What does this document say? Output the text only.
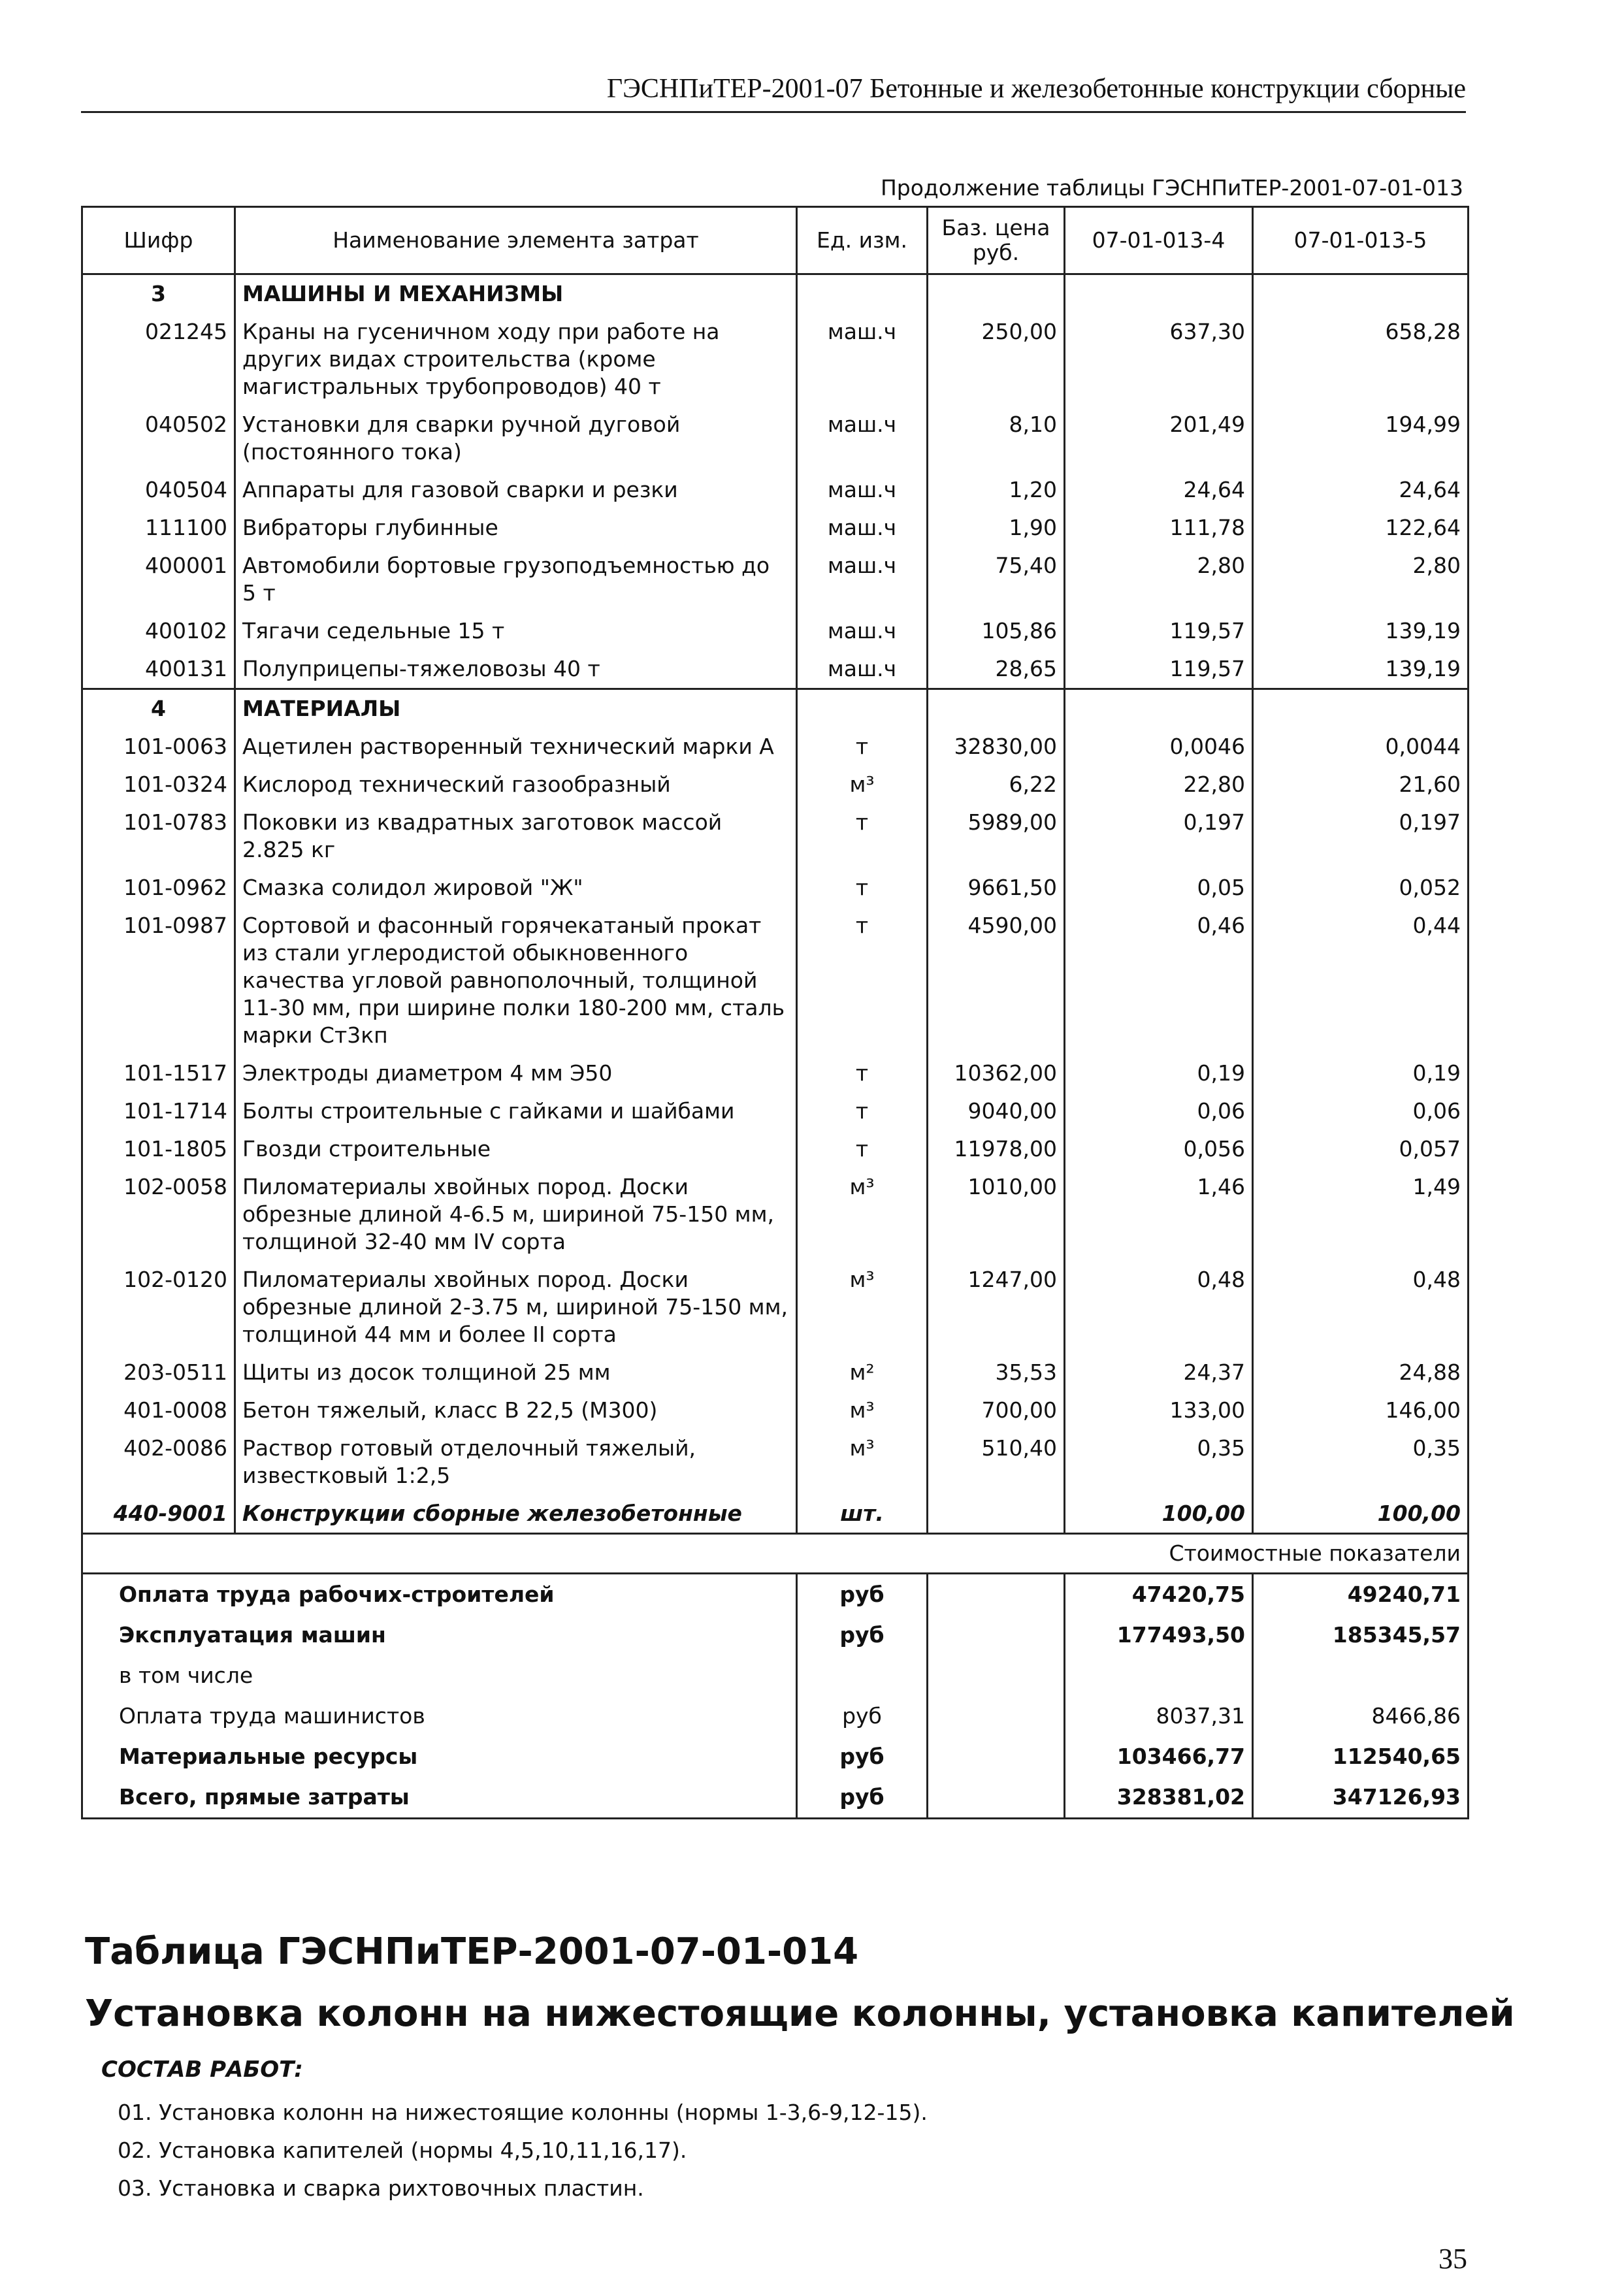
ГЭСНПиТЕР-2001-07 Бетонные и железобетонные конструкции сборные
Продолжение таблицы ГЭСНПиТЕР-2001-07-01-013
Шифр	Наименование элемента затрат	Ед. изм.	Баз. цена руб.	07-01-013-4	07-01-013-5
3	МАШИНЫ И МЕХАНИЗМЫ				
021245	Краны на гусеничном ходу при работе на других видах строительства (кроме магистральных трубопроводов) 40 т	маш.ч	250,00	637,30	658,28
040502	Установки для сварки ручной дуговой (постоянного тока)	маш.ч	8,10	201,49	194,99
040504	Аппараты для газовой сварки и резки	маш.ч	1,20	24,64	24,64
111100	Вибраторы глубинные	маш.ч	1,90	111,78	122,64
400001	Автомобили бортовые грузоподъемностью до 5 т	маш.ч	75,40	2,80	2,80
400102	Тягачи седельные 15 т	маш.ч	105,86	119,57	139,19
400131	Полуприцепы-тяжеловозы 40 т	маш.ч	28,65	119,57	139,19
4	МАТЕРИАЛЫ				
101-0063	Ацетилен растворенный технический марки А	т	32830,00	0,0046	0,0044
101-0324	Кислород технический газообразный	м³	6,22	22,80	21,60
101-0783	Поковки из квадратных заготовок массой 2.825 кг	т	5989,00	0,197	0,197
101-0962	Смазка солидол жировой "Ж"	т	9661,50	0,05	0,052
101-0987	Сортовой и фасонный горячекатаный прокат из стали углеродистой обыкновенного качества угловой равнополочный, толщиной 11-30 мм, при ширине полки 180-200 мм, сталь марки Ст3кп	т	4590,00	0,46	0,44
101-1517	Электроды диаметром 4 мм Э50	т	10362,00	0,19	0,19
101-1714	Болты строительные с гайками и шайбами	т	9040,00	0,06	0,06
101-1805	Гвозди строительные	т	11978,00	0,056	0,057
102-0058	Пиломатериалы хвойных пород. Доски обрезные длиной 4-6.5 м, шириной 75-150 мм, толщиной 32-40 мм IV сорта	м³	1010,00	1,46	1,49
102-0120	Пиломатериалы хвойных пород. Доски обрезные длиной 2-3.75 м, шириной 75-150 мм, толщиной 44 мм и более II сорта	м³	1247,00	0,48	0,48
203-0511	Щиты из досок толщиной 25 мм	м²	35,53	24,37	24,88
401-0008	Бетон тяжелый, класс В 22,5 (М300)	м³	700,00	133,00	146,00
402-0086	Раствор готовый отделочный тяжелый, известковый 1:2,5	м³	510,40	0,35	0,35
440-9001	Конструкции сборные железобетонные	шт.		100,00	100,00
Стоимостные показатели					
Оплата труда рабочих-строителей		руб		47420,75	49240,71
Эксплуатация машин		руб		177493,50	185345,57
в том числе					
Оплата труда машинистов		руб		8037,31	8466,86
Материальные ресурсы		руб		103466,77	112540,65
Всего, прямые затраты		руб		328381,02	347126,93
Таблица ГЭСНПиТЕР-2001-07-01-014
Установка колонн на нижестоящие колонны, установка капителей
СОСТАВ РАБОТ:
01. Установка колонн на нижестоящие колонны (нормы 1-3,6-9,12-15).
02. Установка капителей (нормы 4,5,10,11,16,17).
03. Установка и сварка рихтовочных пластин.
35
